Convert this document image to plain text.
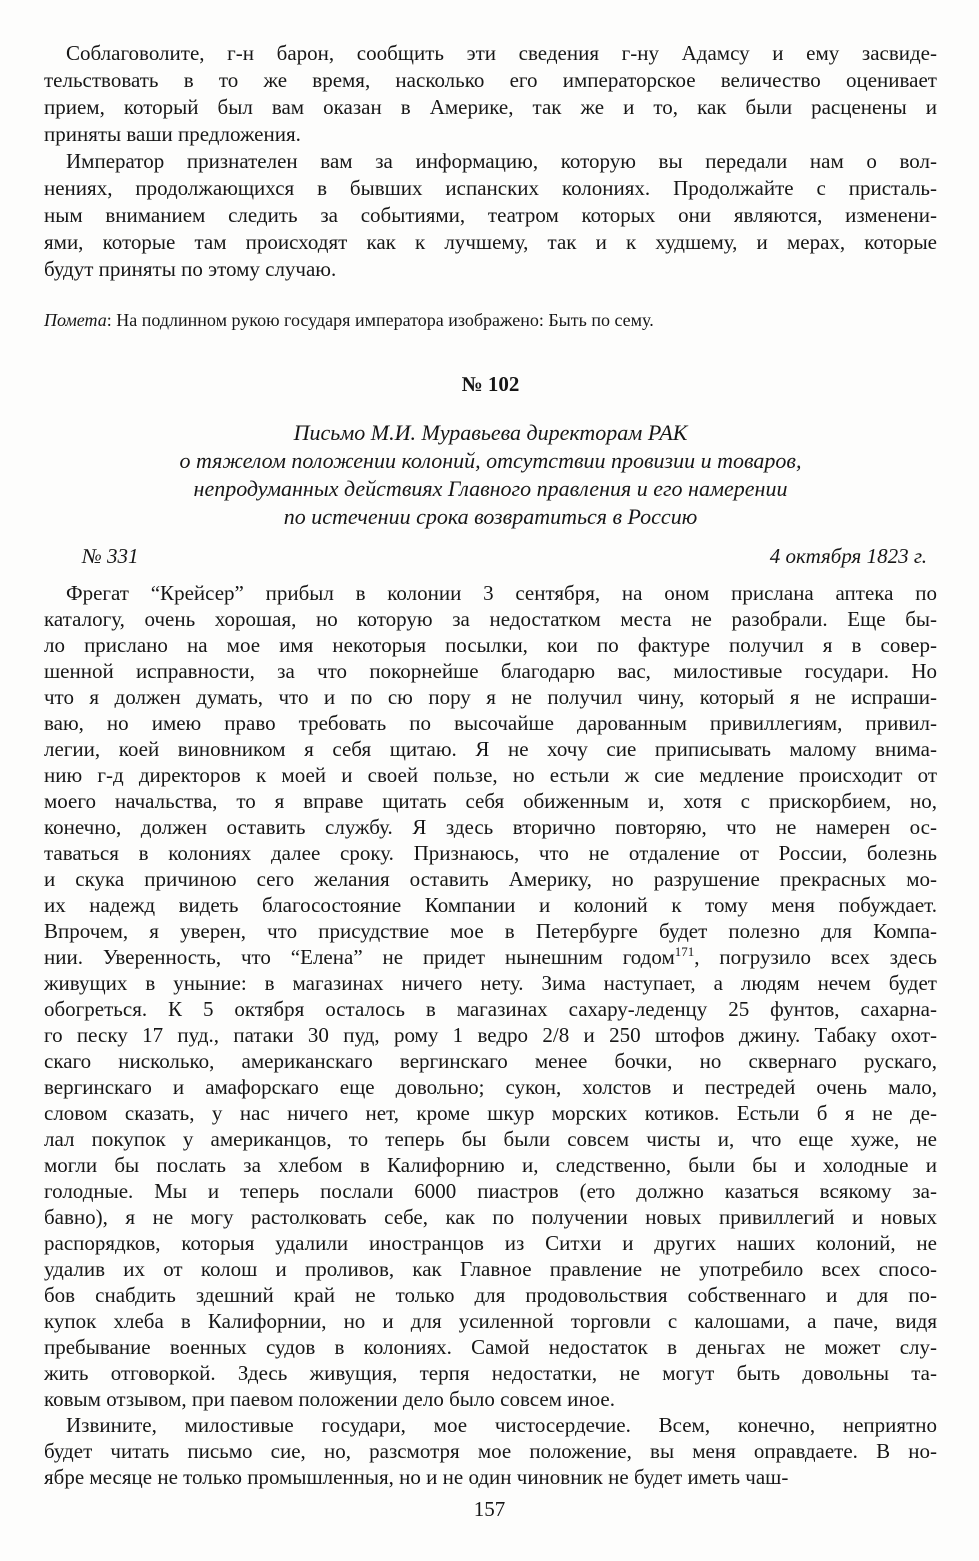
Соблаговолите, г-н барон, сообщить эти сведения г-ну Адамсу и ему засвиде-
тельствовать в то же время, насколько его императорское величество оценивает
прием, который был вам оказан в Америке, так же и то, как были расценены и
приняты ваши предложения.
Император признателен вам за информацию, которую вы передали нам о вол-
нениях, продолжающихся в бывших испанских колониях. Продолжайте с присталь-
ным вниманием следить за событиями, театром которых они являются, изменени-
ями, которые там происходят как к лучшему, так и к худшему, и мерах, которые
будут приняты по этому случаю.

Помета: На подлинном рукою государя императора изображено: Быть по сему.

№ 102
Письмо М.И. Муравьева директорам РАК
о тяжелом положении колоний, отсутствии провизии и товаров,
непродуманных действиях Главного правления и его намерении
по истечении срока возвратиться в Россию
№ 331	4 октября 1823 г.
Фрегат “Крейсер” прибыл в колонии 3 сентября, на оном прислана аптека по
каталогу, очень хорошая, но которую за недостатком места не разобрали. Еще бы-
ло прислано на мое имя некоторыя посылки, кои по фактуре получил я в совер-
шенной исправности, за что покорнейше благодарю вас, милостивые государи. Но
что я должен думать, что и по сю пору я не получил чину, который я не испраши-
ваю, но имею право требовать по высочайше дарованным привиллегиям, привил-
легии, коей виновником я себя щитаю. Я не хочу сие приписывать малому внима-
нию г-д директоров к моей и своей пользе, но естьли ж сие медление происходит от
моего начальства, то я вправе щитать себя обиженным и, хотя с прискорбием, но,
конечно, должен оставить службу. Я здесь вторично повторяю, что не намерен ос-
таваться в колониях далее сроку. Признаюсь, что не отдаление от России, болезнь
и скука причиною сего желания оставить Америку, но разрушение прекрасных мо-
их надежд видеть благосостояние Компании и колоний к тому меня побуждает.
Впрочем, я уверен, что присудствие мое в Петербурге будет полезно для Компа-
нии. Уверенность, что “Елена” не придет нынешним годом$^{171}$, погрузило всех здесь
живущих в уныние: в магазинах ничего нету. Зима наступает, а людям нечем будет
обогреться. К 5 октября осталось в магазинах сахару-леденцу 25 фунтов, сахарна-
го песку 17 пуд., патаки 30 пуд, рому 1 ведро 2/8 и 250 штофов джину. Табаку охот-
скаго нисколько, американскаго вергинскаго менее бочки, но сквернаго рускаго,
вергинскаго и амафорскаго еще довольно; сукон, холстов и пестредей очень мало,
словом сказать, у нас ничего нет, кроме шкур морских котиков. Естьли б я не де-
лал покупок у американцов, то теперь бы были совсем чисты и, что еще хуже, не
могли бы послать за хлебом в Калифорнию и, следственно, были бы и холодные и
голодные. Мы и теперь послали 6000 пиастров (ето должно казаться всякому за-
бавно), я не могу растолковать себе, как по получении новых привиллегий и новых
распорядков, которыя удалили иностранцов из Ситхи и других наших колоний, не
удалив их от колош и проливов, как Главное правление не употребило всех спосо-
бов снабдить здешний край не только для продовольствия собственнаго и для по-
купок хлеба в Калифорнии, но и для усиленной торговли с калошами, а паче, видя
пребывание военных судов в колониях. Самой недостаток в деньгах не может слу-
жить отговоркой. Здесь живущия, терпя недостатки, не могут быть довольны та-
ковым отзывом, при паевом положении дело было совсем иное.
Извините, милостивые государи, мое чистосердечие. Всем, конечно, неприятно
будет читать письмо сие, но, разсмотря мое положение, вы меня оправдаете. В но-
ябре месяце не только промышленныя, но и не один чиновник не будет иметь чаш-
157
